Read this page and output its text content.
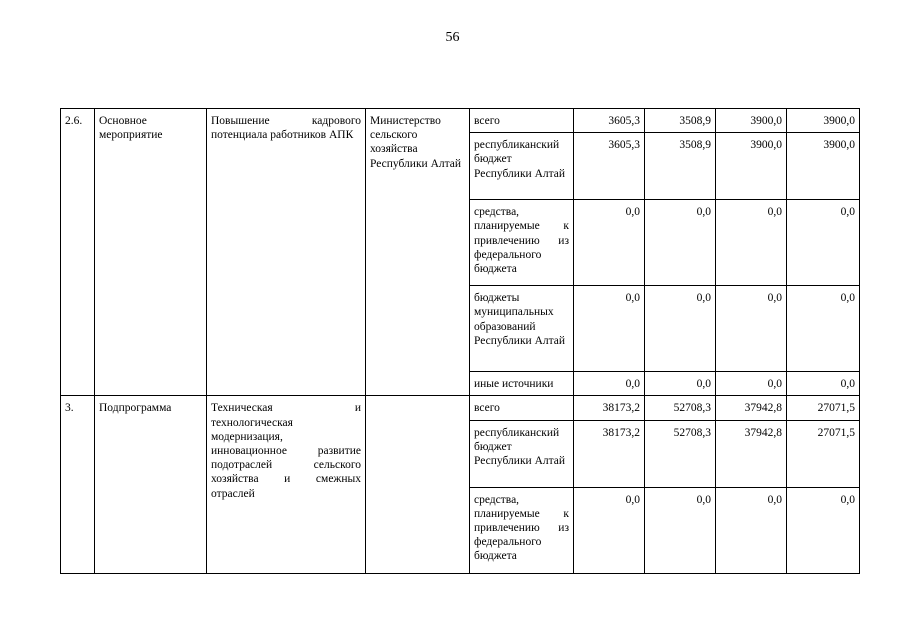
56
2.6.	Основное мероприятие	Повышение кадрового потенциала работников АПК	Министерство сельского хозяйства Республики Алтай	всего	3605,3	3508,9	3900,0	3900,0
				республиканский бюджет Республики Алтай	3605,3	3508,9	3900,0	3900,0

				средства, планируемые к привлечению из федерального бюджета	0,0	0,0	0,0	0,0
				бюджеты муниципальных образований Республики Алтай	0,0	0,0	0,0	0,0
				иные источники	0,0	0,0	0,0	0,0
3.	Подпрограмма	Техническая и технологическая модернизация, инновационное развитие подотраслей сельского хозяйства и смежных отраслей		всего	38173,2	52708,3	37942,8	27071,5
				республиканский бюджет Республики Алтай	38173,2	52708,3	37942,8	27071,5

				средства, планируемые к привлечению из федерального бюджета	0,0	0,0	0,0	0,0
